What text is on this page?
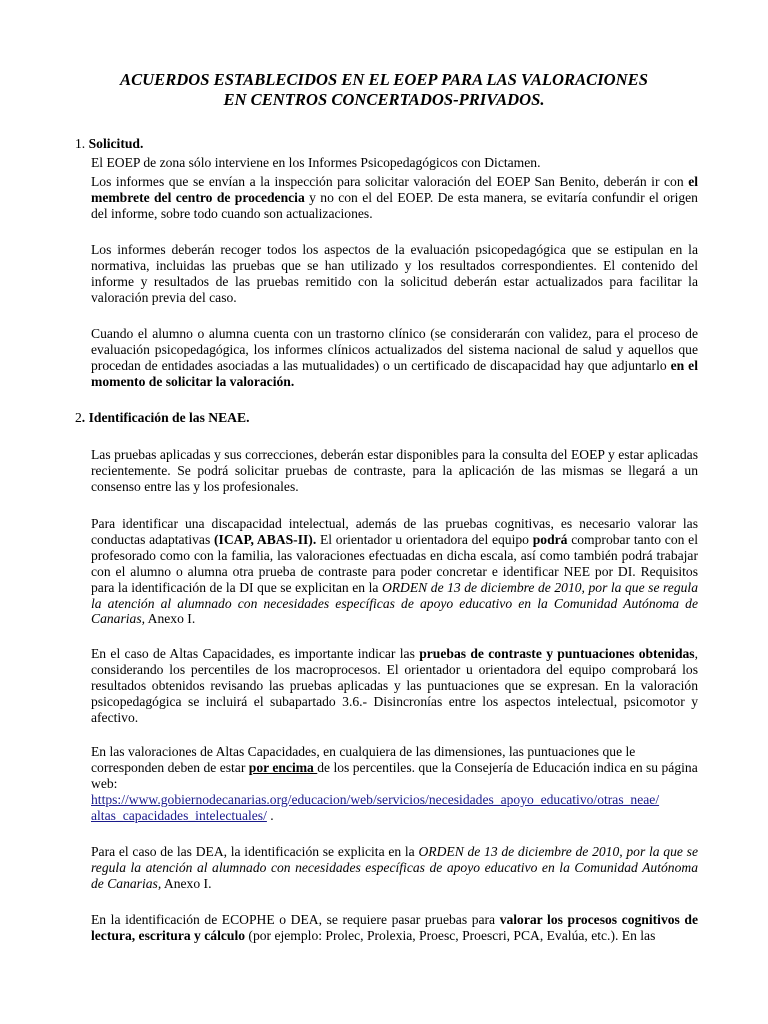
ACUERDOS ESTABLECIDOS EN EL EOEP PARA LAS VALORACIONES
EN CENTROS CONCERTADOS-PRIVADOS.
1. Solicitud.
El EOEP de zona sólo interviene en los Informes Psicopedagógicos con Dictamen.
Los informes que se envían a la inspección para solicitar valoración del EOEP San Benito, deberán ir con el membrete del centro de procedencia y no con el del EOEP. De esta manera, se evitaría confundir el origen del informe, sobre todo cuando son actualizaciones.
Los informes deberán recoger todos los aspectos de la evaluación psicopedagógica que se estipulan en la normativa, incluidas las pruebas que se han utilizado y los resultados correspondientes. El contenido del informe y resultados de las pruebas remitido con la solicitud deberán estar actualizados para facilitar la valoración previa del caso.
Cuando el alumno o alumna cuenta con un trastorno clínico (se considerarán con validez, para el proceso de evaluación psicopedagógica, los informes clínicos actualizados del sistema nacional de salud y aquellos que procedan de entidades asociadas a las mutualidades) o un certificado de discapacidad hay que adjuntarlo en el momento de solicitar la valoración.
2. Identificación de las NEAE.
Las pruebas aplicadas y sus correcciones, deberán estar disponibles para la consulta del EOEP y estar aplicadas recientemente. Se podrá solicitar pruebas de contraste, para la aplicación de las mismas se llegará a un consenso entre las y los profesionales.
Para identificar una discapacidad intelectual, además de las pruebas cognitivas, es necesario valorar las conductas adaptativas (ICAP, ABAS-II). El orientador u orientadora del equipo podrá comprobar tanto con el profesorado como con la familia, las valoraciones efectuadas en dicha escala, así como también podrá trabajar con el alumno o alumna otra prueba de contraste para poder concretar e identificar NEE por DI. Requisitos para la identificación de la DI que se explicitan en la ORDEN de 13 de diciembre de 2010, por la que se regula la atención al alumnado con necesidades específicas de apoyo educativo en la Comunidad Autónoma de Canarias, Anexo I.
En el caso de Altas Capacidades, es importante indicar las pruebas de contraste y puntuaciones obtenidas, considerando los percentiles de los macroprocesos. El orientador u orientadora del equipo comprobará los resultados obtenidos revisando las pruebas aplicadas y las puntuaciones que se expresan. En la valoración psicopedagógica se incluirá el subapartado 3.6.- Disincronías entre los aspectos intelectual, psicomotor y afectivo.
En las valoraciones de Altas Capacidades, en cualquiera de las dimensiones, las puntuaciones que le corresponden deben de estar por encima de los percentiles. que la Consejería de Educación indica en su página web:
https://www.gobiernodecanarias.org/educacion/web/servicios/necesidades_apoyo_educativo/otras_neae/
altas_capacidades_intelectuales/ .
Para el caso de las DEA, la identificación se explicita en la ORDEN de 13 de diciembre de 2010, por la que se regula la atención al alumnado con necesidades específicas de apoyo educativo en la Comunidad Autónoma de Canarias, Anexo I.
En la identificación de ECOPHE o DEA, se requiere pasar pruebas para valorar los procesos cognitivos de lectura, escritura y cálculo (por ejemplo: Prolec, Prolexia, Proesc, Proescri, PCA, Evalúa, etc.). En las
